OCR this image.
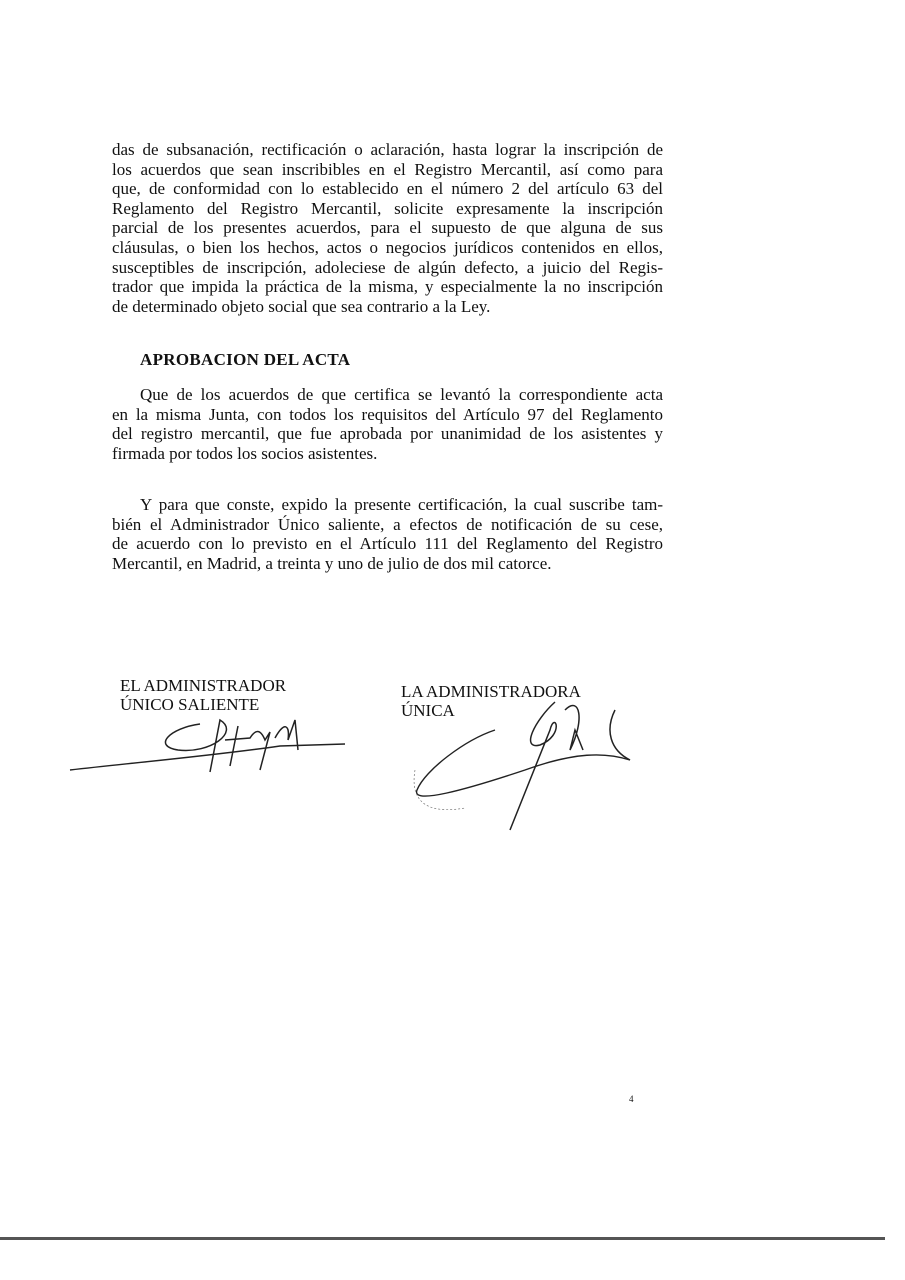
das de subsanación, rectificación o aclaración, hasta lograr la inscripción de
los acuerdos que sean inscribibles en el Registro Mercantil, así como para
que, de conformidad con lo establecido en el número 2 del artículo 63 del
Reglamento del Registro Mercantil, solicite expresamente la inscripción
parcial de los presentes acuerdos, para el supuesto de que alguna de sus
cláusulas, o bien los hechos, actos o negocios jurídicos contenidos en ellos,
susceptibles de inscripción, adoleciese de algún defecto, a juicio del Regis-
trador que impida la práctica de la misma, y especialmente la no inscripción
de determinado objeto social que sea contrario a la Ley.
APROBACION DEL ACTA
Que de los acuerdos de que certifica se levantó la correspondiente acta
en la misma Junta, con todos los requisitos del Artículo 97 del Reglamento
del registro mercantil, que fue aprobada por unanimidad de los asistentes y
firmada por todos los socios asistentes.
Y para que conste, expido la presente certificación, la cual suscribe tam-
bién el Administrador Único saliente, a efectos de notificación de su cese,
de acuerdo con lo previsto en el Artículo 111 del Reglamento del Registro
Mercantil, en Madrid, a treinta y uno de julio de dos mil catorce.
EL ADMINISTRADOR
ÚNICO SALIENTE
LA ADMINISTRADORA
ÚNICA
4
